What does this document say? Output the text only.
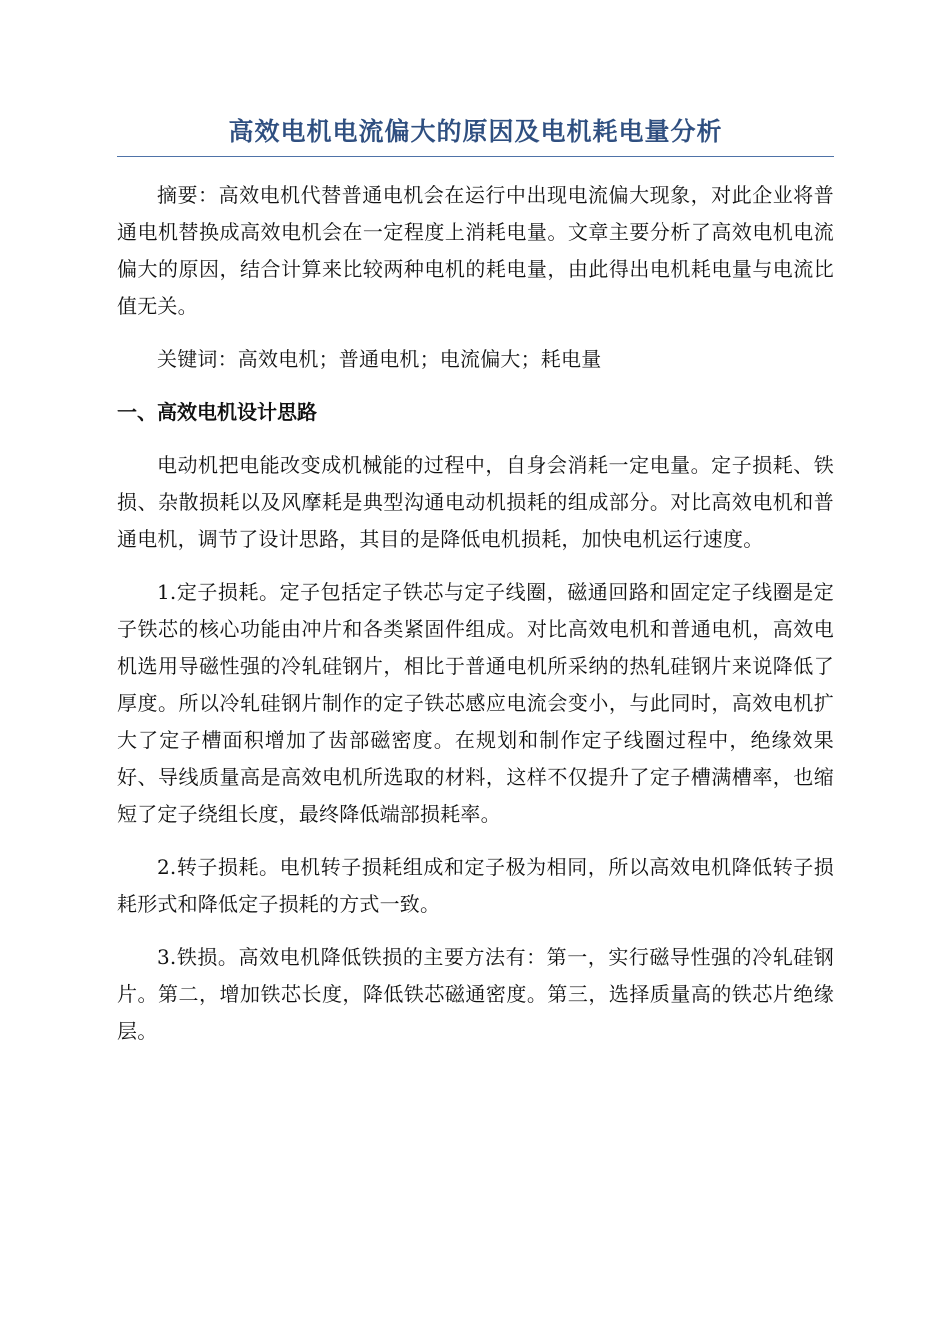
高效电机电流偏大的原因及电机耗电量分析

摘要：高效电机代替普通电机会在运行中出现电流偏大现象，对此企业将普通电机替换成高效电机会在一定程度上消耗电量。文章主要分析了高效电机电流偏大的原因，结合计算来比较两种电机的耗电量，由此得出电机耗电量与电流比值无关。

关键词：高效电机；普通电机；电流偏大；耗电量

一、高效电机设计思路

电动机把电能改变成机械能的过程中，自身会消耗一定电量。定子损耗、铁损、杂散损耗以及风摩耗是典型沟通电动机损耗的组成部分。对比高效电机和普通电机，调节了设计思路，其目的是降低电机损耗，加快电机运行速度。

1.定子损耗。定子包括定子铁芯与定子线圈，磁通回路和固定定子线圈是定子铁芯的核心功能由冲片和各类紧固件组成。对比高效电机和普通电机，高效电机选用导磁性强的冷轧硅钢片，相比于普通电机所采纳的热轧硅钢片来说降低了厚度。所以冷轧硅钢片制作的定子铁芯感应电流会变小，与此同时，高效电机扩大了定子槽面积增加了齿部磁密度。在规划和制作定子线圈过程中，绝缘效果好、导线质量高是高效电机所选取的材料，这样不仅提升了定子槽满槽率，也缩短了定子绕组长度，最终降低端部损耗率。

2.转子损耗。电机转子损耗组成和定子极为相同，所以高效电机降低转子损耗形式和降低定子损耗的方式一致。

3.铁损。高效电机降低铁损的主要方法有：第一，实行磁导性强的冷轧硅钢片。第二，增加铁芯长度，降低铁芯磁通密度。第三，选择质量高的铁芯片绝缘层。
